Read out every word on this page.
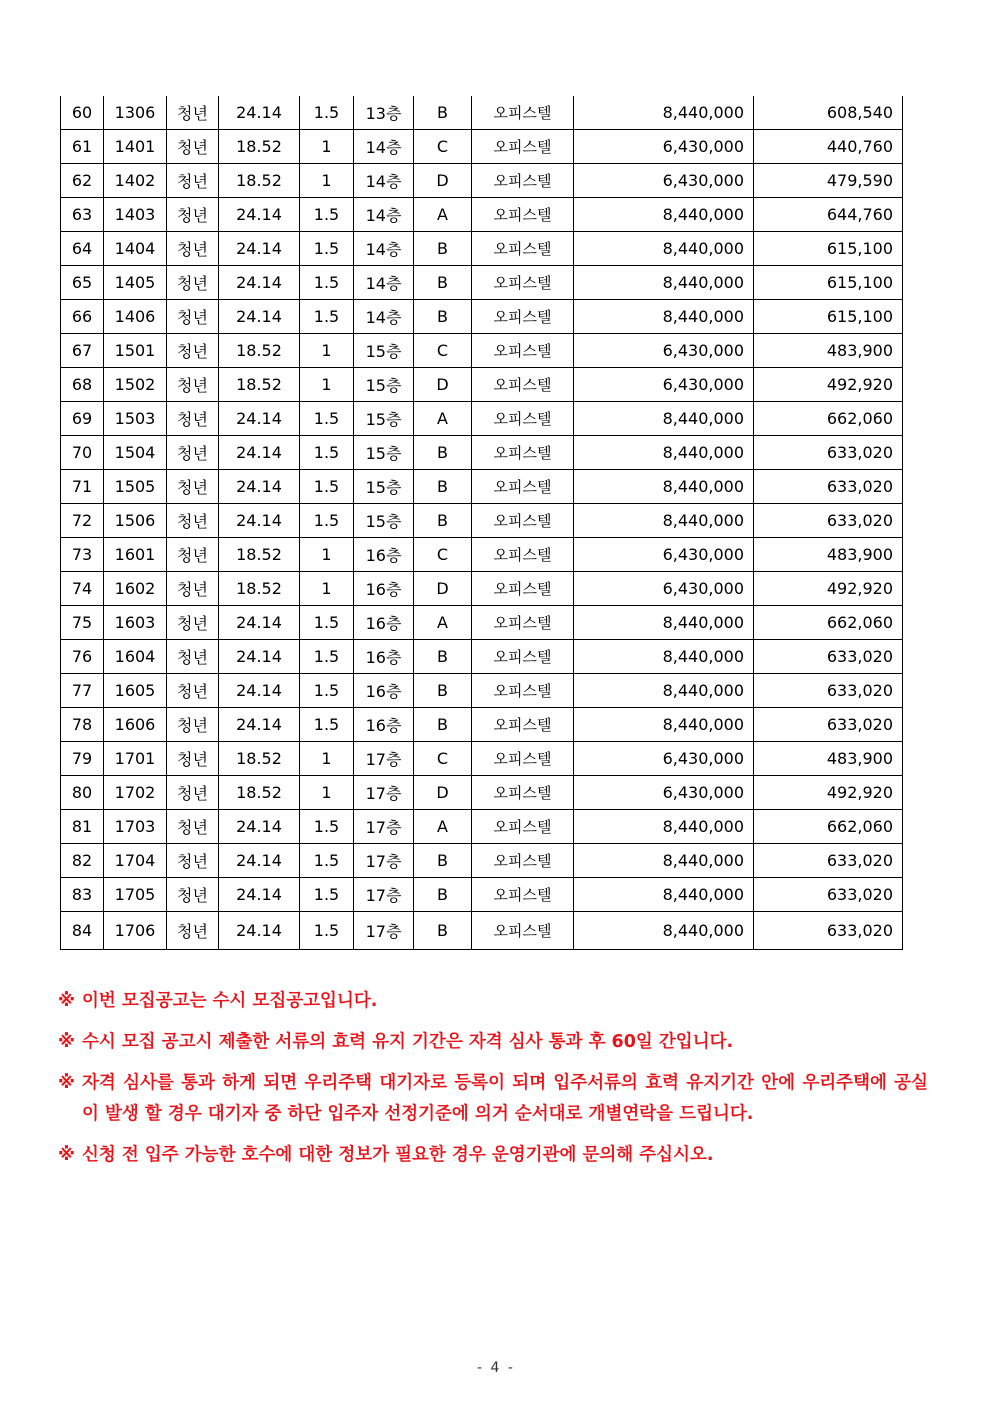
60	1306	청년	24.14	1.5	13층	B	오피스텔	8,440,000	608,540
61	1401	청년	18.52	1	14층	C	오피스텔	6,430,000	440,760
62	1402	청년	18.52	1	14층	D	오피스텔	6,430,000	479,590
63	1403	청년	24.14	1.5	14층	A	오피스텔	8,440,000	644,760
64	1404	청년	24.14	1.5	14층	B	오피스텔	8,440,000	615,100
65	1405	청년	24.14	1.5	14층	B	오피스텔	8,440,000	615,100
66	1406	청년	24.14	1.5	14층	B	오피스텔	8,440,000	615,100
67	1501	청년	18.52	1	15층	C	오피스텔	6,430,000	483,900
68	1502	청년	18.52	1	15층	D	오피스텔	6,430,000	492,920
69	1503	청년	24.14	1.5	15층	A	오피스텔	8,440,000	662,060
70	1504	청년	24.14	1.5	15층	B	오피스텔	8,440,000	633,020
71	1505	청년	24.14	1.5	15층	B	오피스텔	8,440,000	633,020
72	1506	청년	24.14	1.5	15층	B	오피스텔	8,440,000	633,020
73	1601	청년	18.52	1	16층	C	오피스텔	6,430,000	483,900
74	1602	청년	18.52	1	16층	D	오피스텔	6,430,000	492,920
75	1603	청년	24.14	1.5	16층	A	오피스텔	8,440,000	662,060
76	1604	청년	24.14	1.5	16층	B	오피스텔	8,440,000	633,020
77	1605	청년	24.14	1.5	16층	B	오피스텔	8,440,000	633,020
78	1606	청년	24.14	1.5	16층	B	오피스텔	8,440,000	633,020
79	1701	청년	18.52	1	17층	C	오피스텔	6,430,000	483,900
80	1702	청년	18.52	1	17층	D	오피스텔	6,430,000	492,920
81	1703	청년	24.14	1.5	17층	A	오피스텔	8,440,000	662,060
82	1704	청년	24.14	1.5	17층	B	오피스텔	8,440,000	633,020
83	1705	청년	24.14	1.5	17층	B	오피스텔	8,440,000	633,020
84	1706	청년	24.14	1.5	17층	B	오피스텔	8,440,000	633,020

※ 이번 모집공고는 수시 모집공고입니다.

※ 수시 모집 공고시 제출한 서류의 효력 유지 기간은 자격 심사 통과 후 60일 간입니다.

※ 자격 심사를 통과 하게 되면 우리주택 대기자로 등록이 되며 입주서류의 효력 유지기간 안에 우리주택에 공실이 발생 할 경우 대기자 중 하단 입주자 선정기준에 의거 순서대로 개별연락을 드립니다.

※ 신청 전 입주 가능한 호수에 대한 정보가 필요한 경우 운영기관에 문의해 주십시오.

- 4 -
